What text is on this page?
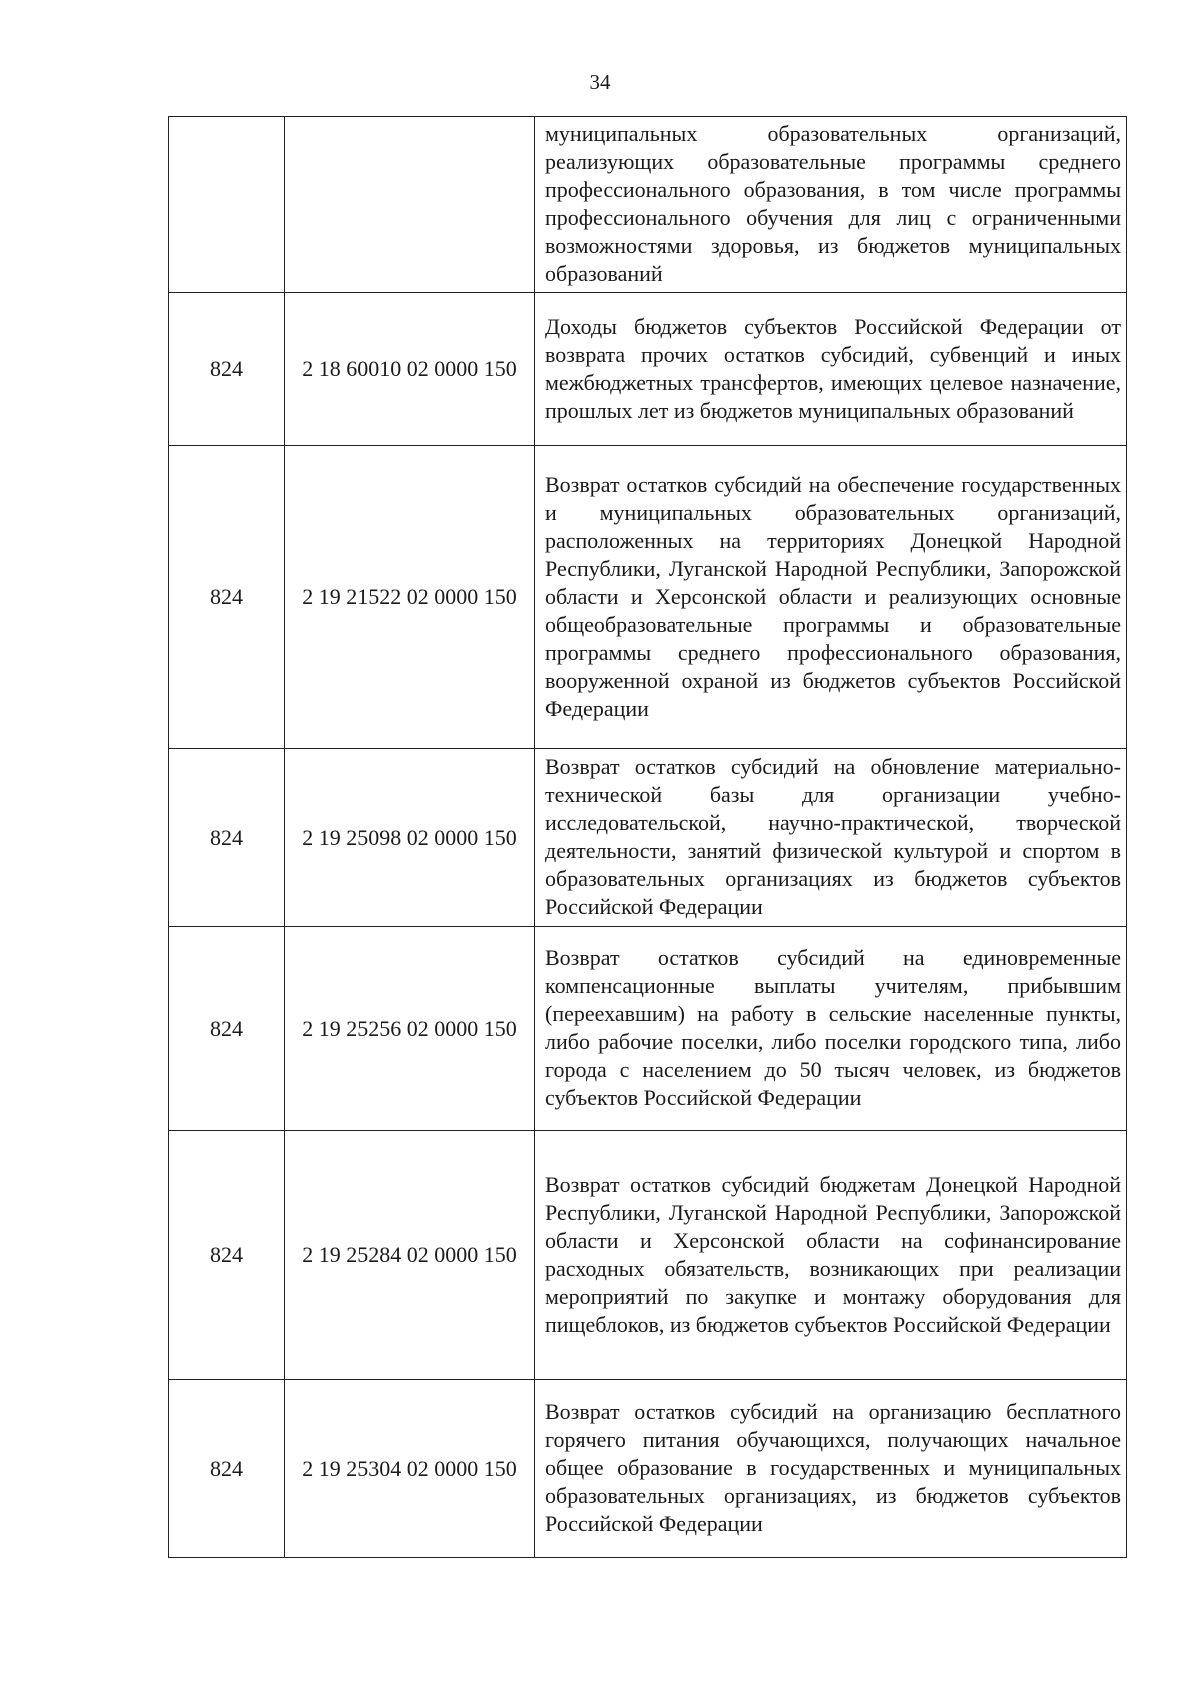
34
		муниципальных образовательных организаций, реализующих образовательные программы среднего профессионального образования, в том числе программы профессионального обучения для лиц с ограниченными возможностями здоровья, из бюджетов муниципальных образований
824	2 18 60010 02 0000 150	Доходы бюджетов субъектов Российской Федерации от возврата прочих остатков субсидий, субвенций и иных межбюджетных трансфертов, имеющих целевое назначение, прошлых лет из бюджетов муниципальных образований
824	2 19 21522 02 0000 150	Возврат остатков субсидий на обеспечение государственных и муниципальных образовательных организаций, расположенных на территориях Донецкой Народной Республики, Луганской Народной Республики, Запорожской области и Херсонской области и реализующих основные общеобразовательные программы и образовательные программы среднего профессионального образования, вооруженной охраной из бюджетов субъектов Российской Федерации
824	2 19 25098 02 0000 150	Возврат остатков субсидий на обновление материально-технической базы для организации учебно-исследовательской, научно-практической, творческой деятельности, занятий физической культурой и спортом в образовательных организациях из бюджетов субъектов Российской Федерации
824	2 19 25256 02 0000 150	Возврат остатков субсидий на единовременные компенсационные выплаты учителям, прибывшим (переехавшим) на работу в сельские населенные пункты, либо рабочие поселки, либо поселки городского типа, либо города с населением до 50 тысяч человек, из бюджетов субъектов Российской Федерации
824	2 19 25284 02 0000 150	Возврат остатков субсидий бюджетам Донецкой Народной Республики, Луганской Народной Республики, Запорожской области и Херсонской области на софинансирование расходных обязательств, возникающих при реализации мероприятий по закупке и монтажу оборудования для пищеблоков, из бюджетов субъектов Российской Федерации
824	2 19 25304 02 0000 150	Возврат остатков субсидий на организацию бесплатного горячего питания обучающихся, получающих начальное общее образование в государственных и муниципальных образовательных организациях, из бюджетов субъектов Российской Федерации
